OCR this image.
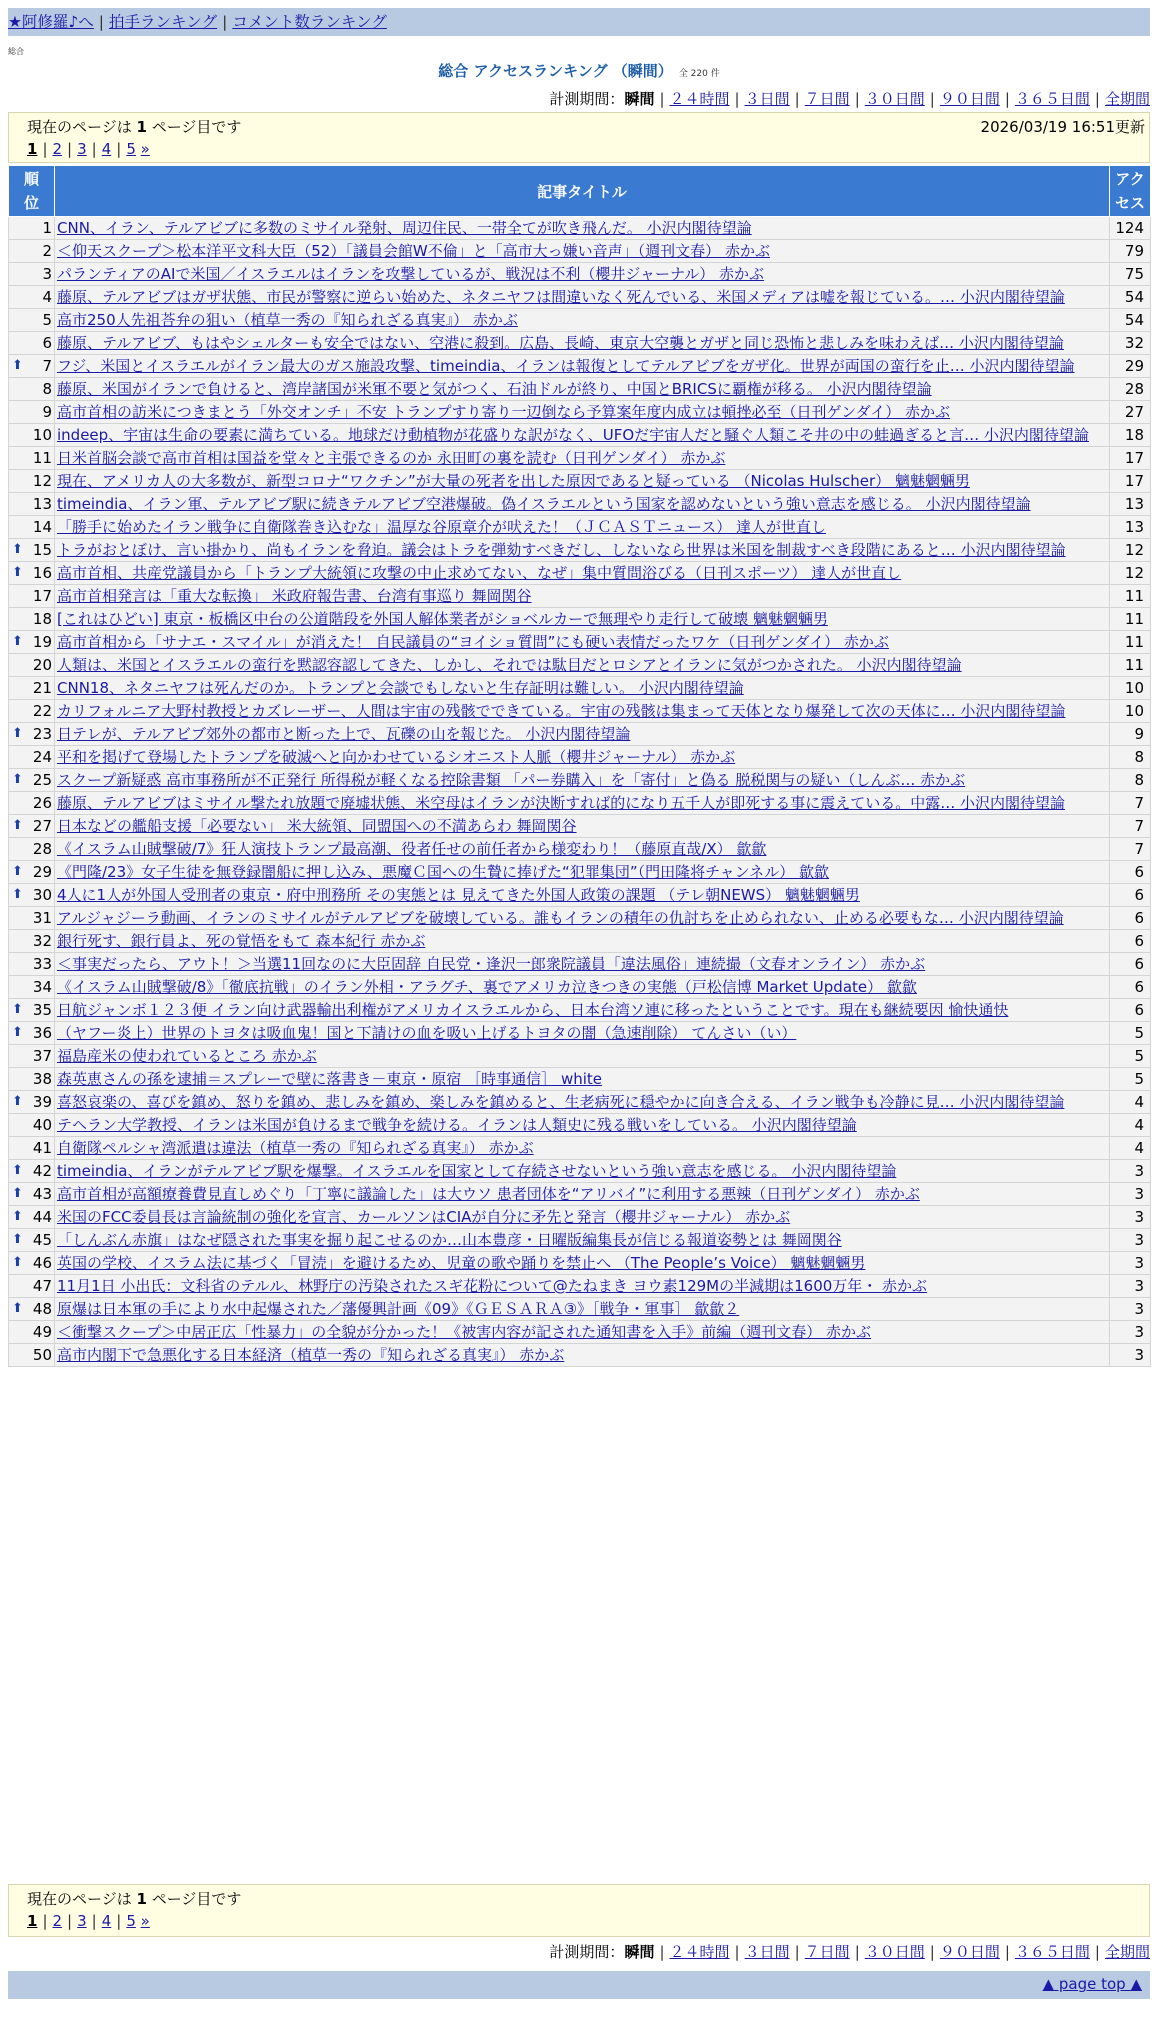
★阿修羅♪へ | 拍手ランキング | コメント数ランキング
総合
総合 アクセスランキング （瞬間） 全 220 件
計測期間：瞬間 | ２４時間 | ３日間 | ７日間 | ３０日間 | ９０日間 | ３６５日間 | 全期間
現在のページは 1 ページ目です	2026/03/19 16:51更新
1 | 2 | 3 | 4 | 5 »
順位	記事タイトル	アクセス
1	CNN、イラン、テルアビブに多数のミサイル発射、周辺住民、一帯全てが吹き飛んだ。 小沢内閣待望論	124
2	＜仰天スクープ＞松本洋平文科大臣（52）「議員会館W不倫」と「高市大っ嫌い音声」（週刊文春） 赤かぶ	79
3	パランティアのAIで米国／イスラエルはイランを攻撃しているが、戦況は不利（櫻井ジャーナル） 赤かぶ	75
4	藤原、テルアビブはガザ状態、市民が警察に逆らい始めた、ネタニヤフは間違いなく死んでいる、米国メディアは嘘を報じている。… 小沢内閣待望論	54
5	高市250人先祖荅弁の狙い（植草一秀の『知られざる真実』） 赤かぶ	54
6	藤原、テルアビブ、もはやシェルターも安全ではない、空港に殺到。広島、長崎、東京大空襲とガザと同じ恐怖と悲しみを味わえば… 小沢内閣待望論	32

⬆ 7	フジ、米国とイスラエルがイラン最大のガス施設攻撃、timeindia、イランは報復としてテルアビブをガザ化。世界が両国の蛮行を止… 小沢内閣待望論	29
8	藤原、米国がイランで負けると、湾岸諸国が米軍不要と気がつく、石油ドルが終り、中国とBRICSに覇権が移る。 小沢内閣待望論	28
9	高市首相の訪米につきまとう「外交オンチ」不安 トランプすり寄り一辺倒なら予算案年度内成立は頓挫必至（日刊ゲンダイ） 赤かぶ	27
10	indeep、宇宙は生命の要素に満ちている。地球だけ動植物が花盛りな訳がなく、UFOだ宇宙人だと騒ぐ人類こそ井の中の蛙過ぎると言… 小沢内閣待望論	18
11	日米首脳会談で高市首相は国益を堂々と主張できるのか 永田町の裏を読む（日刊ゲンダイ） 赤かぶ	17
12	現在、アメリカ人の大多数が、新型コロナ“ワクチン”が大量の死者を出した原因であると疑っている （Nicolas Hulscher） 魑魅魍魎男	17
13	timeindia、イラン軍、テルアビブ駅に続きテルアビブ空港爆破。偽イスラエルという国家を認めないという強い意志を感じる。 小沢内閣待望論	13
14	「勝手に始めたイラン戦争に自衛隊巻き込むな」温厚な谷原章介が吠えた！（ＪＣＡＳＴニュース） 達人が世直し	13

⬆ 15	トラがおとぼけ、言い掛かり、尚もイランを脅迫。議会はトラを弾劾すべきだし、しないなら世界は米国を制裁すべき段階にあると… 小沢内閣待望論	12

⬆ 16	高市首相、共産党議員から「トランプ大統領に攻撃の中止求めてない、なぜ」集中質問浴びる（日刊スポーツ） 達人が世直し	12
17	高市首相発言は「重大な転換」 米政府報告書、台湾有事巡り 舞岡関谷	11
18	[これはひどい] 東京・板橋区中台の公道階段を外国人解体業者がショベルカーで無理やり走行して破壊 魑魅魍魎男	11

⬆ 19	高市首相から「サナエ・スマイル」が消えた！ 自民議員の“ヨイショ質問”にも硬い表情だったワケ（日刊ゲンダイ） 赤かぶ	11
20	人類は、米国とイスラエルの蛮行を黙認容認してきた、しかし、それでは駄目だとロシアとイランに気がつかされた。 小沢内閣待望論	11
21	CNN18、ネタニヤフは死んだのか。トランプと会談でもしないと生存証明は難しい。 小沢内閣待望論	10
22	カリフォルニア大野村教授とカズレーザー、人間は宇宙の残骸でできている。宇宙の残骸は集まって天体となり爆発して次の天体に… 小沢内閣待望論	10

⬆ 23	日テレが、テルアビブ郊外の都市と断った上で、瓦礫の山を報じた。 小沢内閣待望論	9
24	平和を掲げて登場したトランプを破滅へと向かわせているシオニスト人脈（櫻井ジャーナル） 赤かぶ	8

⬆ 25	スクープ新疑惑 高市事務所が不正発行 所得税が軽くなる控除書類 「パー券購入」を「寄付」と偽る 脱税関与の疑い（しんぶ… 赤かぶ	8
26	藤原、テルアビブはミサイル撃たれ放題で廃墟状態、米空母はイランが決断すれば的になり五千人が即死する事に震えている。中露… 小沢内閣待望論	7

⬆ 27	日本などの艦船支援「必要ない」 米大統領、同盟国への不満あらわ 舞岡関谷	7
28	《イスラム山賊撃破/7》狂人演技トランプ最高潮、役者任せの前任者から様変わり！（藤原直哉/X） 歙歙	7

⬆ 29	《門隆/23》女子生徒を無登録闇船に押し込み、悪魔Ｃ国への生贄に捧げた“犯罪集団”（門田隆将チャンネル） 歙歙	6

⬆ 30	4人に1人が外国人受刑者の東京・府中刑務所 その実態とは 見えてきた外国人政策の課題 （テレ朝NEWS） 魑魅魍魎男	6
31	アルジャジーラ動画、イランのミサイルがテルアビブを破壊している。誰もイランの積年の仇討ちを止められない、止める必要もな… 小沢内閣待望論	6
32	銀行死す、銀行員よ、死の覚悟をもて 森本紀行 赤かぶ	6
33	＜事実だったら、アウト！＞当選11回なのに大臣固辞 自民党・逢沢一郎衆院議員「違法風俗」連続撮（文春オンライン） 赤かぶ	6
34	《イスラム山賊撃破/8》「徹底抗戦」のイラン外相・アラグチ、裏でアメリカ泣きつきの実態（戸松信博 Market Update） 歙歙	6

⬆ 35	日航ジャンボ１２３便 イラン向け武器輸出利権がアメリカイスラエルから、日本台湾ソ連に移ったということです。現在も継続要因 愉快通快	6

⬆ 36	（ヤフー炎上）世界のトヨタは吸血鬼！国と下請けの血を吸い上げるトヨタの闇（急速削除） てんさい（い）	5
37	福島産米の使われているところ 赤かぶ	5
38	森英恵さんの孫を逮捕＝スプレーで壁に落書き－東京・原宿 ［時事通信］ white	5

⬆ 39	喜怒哀楽の、喜びを鎮め、怒りを鎮め、悲しみを鎮め、楽しみを鎮めると、生老病死に穏やかに向き合える、イラン戦争も冷静に見… 小沢内閣待望論	4
40	テヘラン大学教授、イランは米国が負けるまで戦争を続ける。イランは人類史に残る戦いをしている。 小沢内閣待望論	4
41	自衛隊ペルシャ湾派遣は違法（植草一秀の『知られざる真実』） 赤かぶ	4

⬆ 42	timeindia、イランがテルアビブ駅を爆撃。イスラエルを国家として存続させないという強い意志を感じる。 小沢内閣待望論	3

⬆ 43	高市首相が高額療養費見直しめぐり「丁寧に議論した」は大ウソ 患者団体を“アリバイ”に利用する悪辣（日刊ゲンダイ） 赤かぶ	3

⬆ 44	米国のFCC委員長は言論統制の強化を宣言、カールソンはCIAが自分に矛先と発言（櫻井ジャーナル） 赤かぶ	3

⬆ 45	「しんぶん赤旗」はなぜ隠された事実を掘り起こせるのか…山本豊彦・日曜版編集長が信じる報道姿勢とは 舞岡関谷	3

⬆ 46	英国の学校、イスラム法に基づく「冒涜」を避けるため、児童の歌や踊りを禁止へ （The People’s Voice） 魑魅魍魎男	3
47	11月1日 小出氏：文科省のテルル、林野庁の汚染されたスギ花粉について@たねまき ヨウ素129Mの半減期は1600万年・ 赤かぶ	3

⬆ 48	原爆は日本軍の手により水中起爆された／藩優興計画《09》《ＧＥＳＡＲＡ③》［戦争・軍事］ 歙歙２	3
49	＜衝撃スクープ＞中居正広「性暴力」の全貌が分かった！《被害内容が記された通知書を入手》前編（週刊文春） 赤かぶ	3
50	高市内閣下で急悪化する日本経済（植草一秀の『知られざる真実』） 赤かぶ	3
現在のページは 1 ページ目です
1 | 2 | 3 | 4 | 5 »
計測期間：瞬間 | ２４時間 | ３日間 | ７日間 | ３０日間 | ９０日間 | ３６５日間 | 全期間
▲ page top ▲
